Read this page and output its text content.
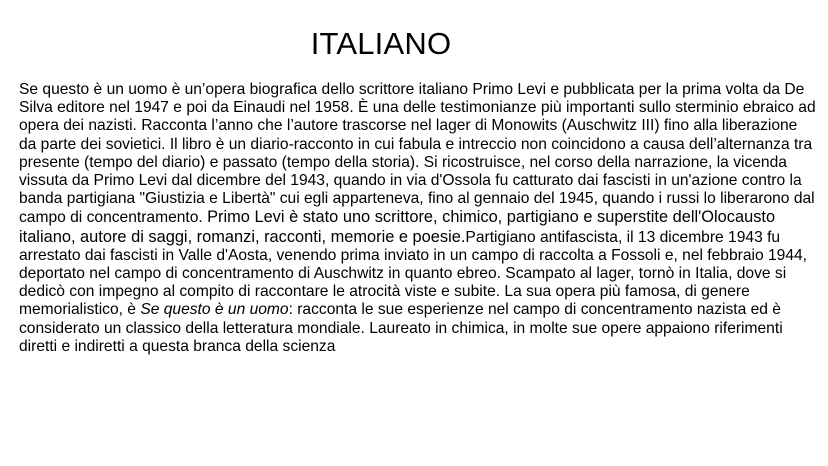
ITALIANO

Se questo è un uomo è un’opera biografica dello scrittore italiano Primo Levi e pubblicata per la prima volta da De Silva editore nel 1947 e poi da Einaudi nel 1958. È una delle testimonianze più importanti sullo sterminio ebraico ad opera dei nazisti. Racconta l’anno che l’autore trascorse nel lager di Monowits (Auschwitz III) fino alla liberazione da parte dei sovietici. Il libro è un diario-racconto in cui fabula e intreccio non coincidono a causa dell’alternanza tra presente (tempo del diario) e passato (tempo della storia). Si ricostruisce, nel corso della narrazione, la vicenda vissuta da Primo Levi dal dicembre del 1943, quando in via d'Ossola fu catturato dai fascisti in un'azione contro la banda partigiana "Giustizia e Libertà" cui egli apparteneva, fino al gennaio del 1945, quando i russi lo liberarono dal campo di concentramento. Primo Levi è stato uno scrittore, chimico, partigiano e superstite dell'Olocausto italiano, autore di saggi, romanzi, racconti, memorie e poesie.Partigiano antifascista, il 13 dicembre 1943 fu arrestato dai fascisti in Valle d'Aosta, venendo prima inviato in un campo di raccolta a Fossoli e, nel febbraio 1944, deportato nel campo di concentramento di Auschwitz in quanto ebreo. Scampato al lager, tornò in Italia, dove si dedicò con impegno al compito di raccontare le atrocità viste e subite. La sua opera più famosa, di genere memorialistico, è Se questo è un uomo: racconta le sue esperienze nel campo di concentramento nazista ed è considerato un classico della letteratura mondiale. Laureato in chimica, in molte sue opere appaiono riferimenti diretti e indiretti a questa branca della scienza
